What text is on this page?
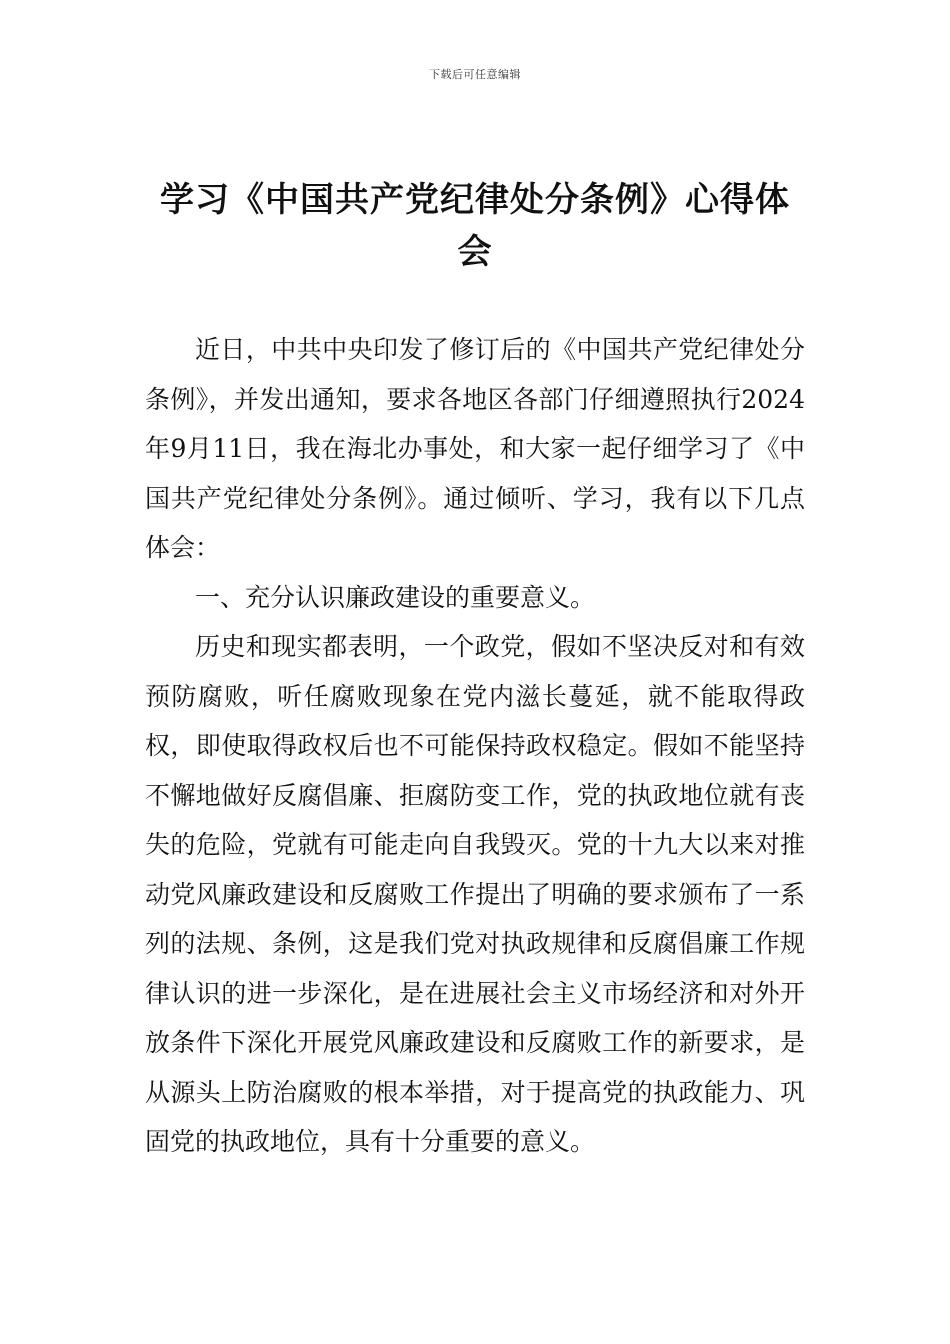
下载后可任意编辑
学习《中国共产党纪律处分条例》心得体会

近日，中共中央印发了修订后的《中国共产党纪律处分条例》，并发出通知，要求各地区各部门仔细遵照执行2024年9月11日，我在海北办事处，和大家一起仔细学习了《中国共产党纪律处分条例》。通过倾听、学习，我有以下几点体会：

一、充分认识廉政建设的重要意义。

历史和现实都表明，一个政党，假如不坚决反对和有效预防腐败，听任腐败现象在党内滋长蔓延，就不能取得政权，即使取得政权后也不可能保持政权稳定。假如不能坚持不懈地做好反腐倡廉、拒腐防变工作，党的执政地位就有丧失的危险，党就有可能走向自我毁灭。党的十九大以来对推动党风廉政建设和反腐败工作提出了明确的要求颁布了一系列的法规、条例，这是我们党对执政规律和反腐倡廉工作规律认识的进一步深化，是在进展社会主义市场经济和对外开放条件下深化开展党风廉政建设和反腐败工作的新要求，是从源头上防治腐败的根本举措，对于提高党的执政能力、巩固党的执政地位，具有十分重要的意义。
